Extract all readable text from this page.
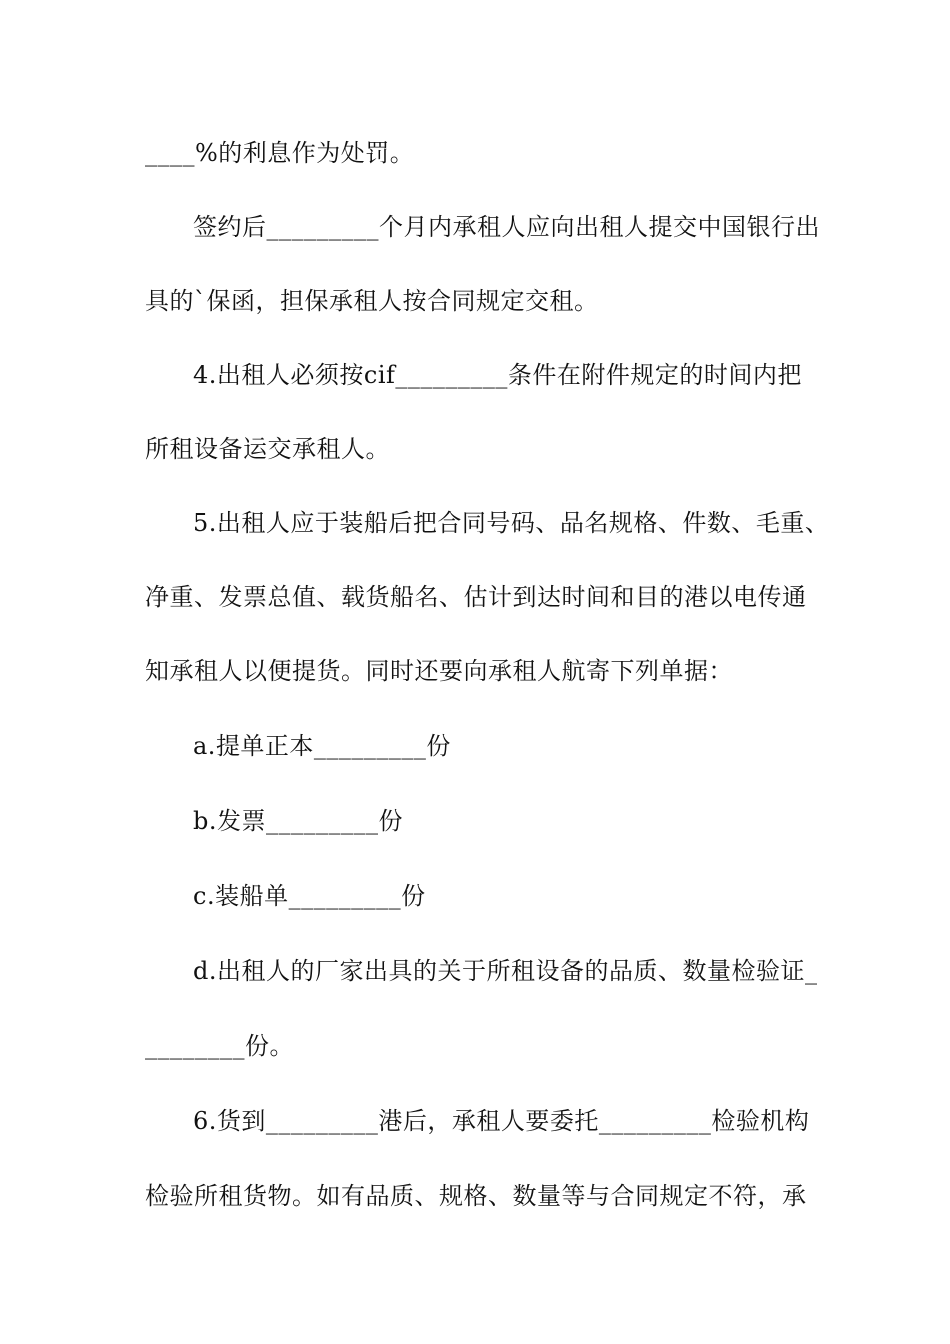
____%的利息作为处罚。
签约后_________个月内承租人应向出租人提交中国银行出
具的`保函，担保承租人按合同规定交租。
4.出租人必须按cif_________条件在附件规定的时间内把
所租设备运交承租人。
5.出租人应于装船后把合同号码、品名规格、件数、毛重、
净重、发票总值、载货船名、估计到达时间和目的港以电传通
知承租人以便提货。同时还要向承租人航寄下列单据：
a.提单正本_________份
b.发票_________份
c.装船单_________份
d.出租人的厂家出具的关于所租设备的品质、数量检验证_
________份。
6.货到_________港后，承租人要委托_________检验机构
检验所租货物。如有品质、规格、数量等与合同规定不符，承
